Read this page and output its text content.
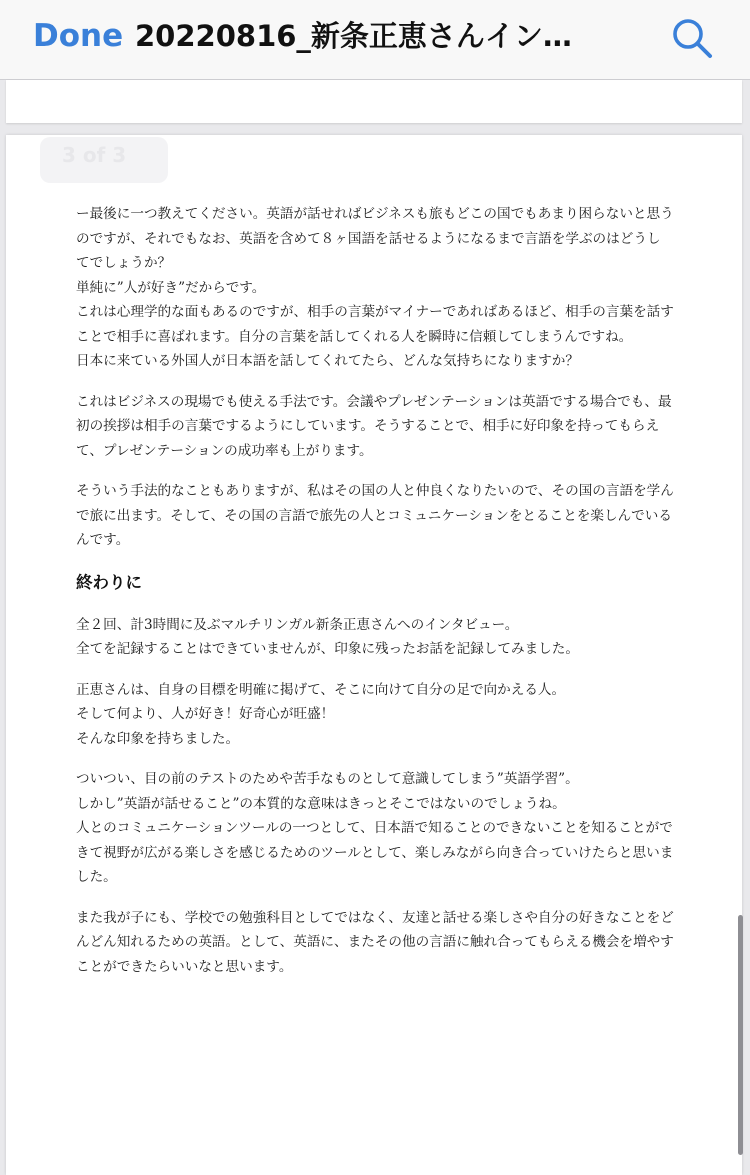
Done 20220816_新条正恵さんイン…
3 of 3

ー最後に一つ教えてください。英語が話せればビジネスも旅もどこの国でもあまり困らないと思うのですが、それでもなお、英語を含めて８ヶ国語を話せるようになるまで言語を学ぶのはどうしてでしょうか？

単純に”人が好き”だからです。

これは心理学的な面もあるのですが、相手の言葉がマイナーであればあるほど、相手の言葉を話すことで相手に喜ばれます。自分の言葉を話してくれる人を瞬時に信頼してしまうんですね。

日本に来ている外国人が日本語を話してくれてたら、どんな気持ちになりますか？

これはビジネスの現場でも使える手法です。会議やプレゼンテーションは英語でする場合でも、最初の挨拶は相手の言葉でするようにしています。そうすることで、相手に好印象を持ってもらえて、プレゼンテーションの成功率も上がります。

そういう手法的なこともありますが、私はその国の人と仲良くなりたいので、その国の言語を学んで旅に出ます。そして、その国の言語で旅先の人とコミュニケーションをとることを楽しんでいるんです。

終わりに

全２回、計3時間に及ぶマルチリンガル新条正恵さんへのインタビュー。

全てを記録することはできていませんが、印象に残ったお話を記録してみました。

正恵さんは、自身の目標を明確に掲げて、そこに向けて自分の足で向かえる人。

そして何より、人が好き！好奇心が旺盛！

そんな印象を持ちました。

ついつい、目の前のテストのためや苦手なものとして意識してしまう”英語学習”。

しかし”英語が話せること”の本質的な意味はきっとそこではないのでしょうね。

人とのコミュニケーションツールの一つとして、日本語で知ることのできないことを知ることができて視野が広がる楽しさを感じるためのツールとして、楽しみながら向き合っていけたらと思いました。

また我が子にも、学校での勉強科目としてではなく、友達と話せる楽しさや自分の好きなことをどんどん知れるための英語。として、英語に、またその他の言語に触れ合ってもらえる機会を増やすことができたらいいなと思います。
